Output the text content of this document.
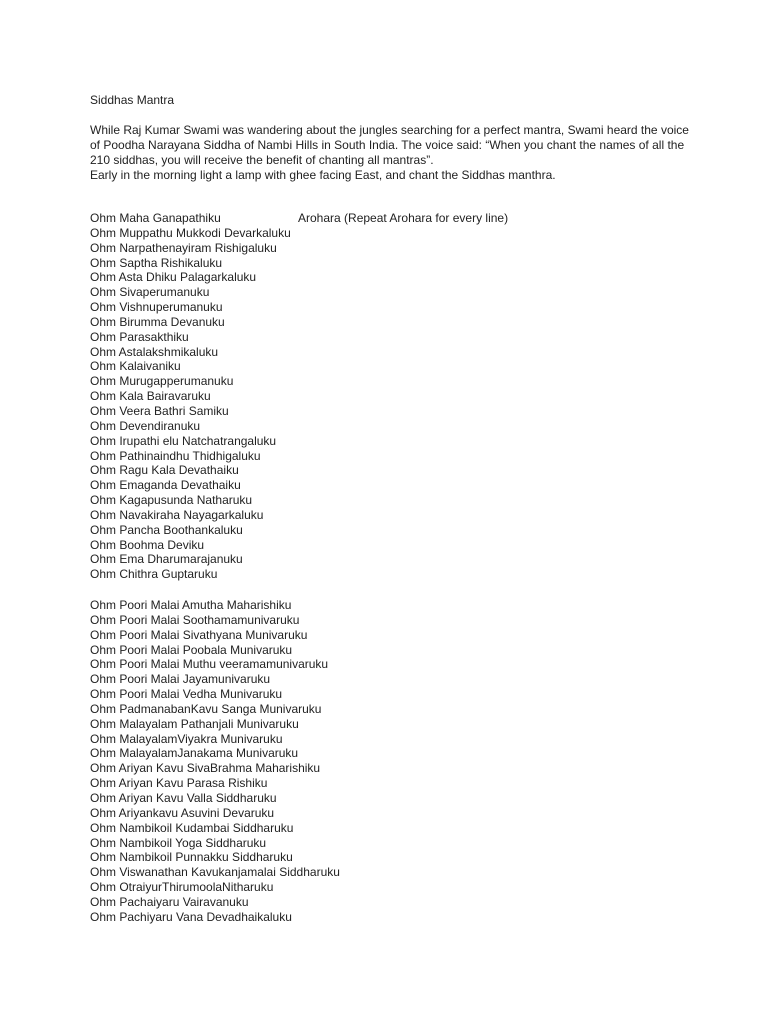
Siddhas Mantra

While Raj Kumar Swami was wandering about the jungles searching for a perfect mantra, Swami heard the voice of Poodha Narayana Siddha of Nambi Hills in South India. The voice said: “When you chant the names of all the 210 siddhas, you will receive the benefit of chanting all mantras”.

Early in the morning light a lamp with ghee facing East, and chant the Siddhas manthra.

Ohm Maha Ganapathiku	Arohara (Repeat Arohara for every line)
Ohm Muppathu Mukkodi Devarkaluku
Ohm Narpathenayiram Rishigaluku
Ohm Saptha Rishikaluku
Ohm Asta Dhiku Palagarkaluku
Ohm Sivaperumanuku
Ohm Vishnuperumanuku
Ohm Birumma Devanuku
Ohm Parasakthiku
Ohm Astalakshmikaluku
Ohm Kalaivaniku
Ohm Murugapperumanuku
Ohm Kala Bairavaruku
Ohm Veera Bathri Samiku
Ohm Devendiranuku
Ohm Irupathi elu Natchatrangaluku
Ohm Pathinaindhu Thidhigaluku
Ohm Ragu Kala Devathaiku
Ohm Emaganda Devathaiku
Ohm Kagapusunda Natharuku
Ohm Navakiraha Nayagarkaluku
Ohm Pancha Boothankaluku
Ohm Boohma Deviku
Ohm Ema Dharumarajanuku
Ohm Chithra Guptaruku
Ohm Poori Malai Amutha Maharishiku
Ohm Poori Malai Soothamamunivaruku
Ohm Poori Malai Sivathyana Munivaruku
Ohm Poori Malai Poobala Munivaruku
Ohm Poori Malai Muthu veeramamunivaruku
Ohm Poori Malai Jayamunivaruku
Ohm Poori Malai Vedha Munivaruku
Ohm PadmanabanKavu Sanga Munivaruku
Ohm Malayalam Pathanjali Munivaruku
Ohm MalayalamViyakra Munivaruku
Ohm MalayalamJanakama Munivaruku
Ohm Ariyan Kavu SivaBrahma Maharishiku
Ohm Ariyan Kavu Parasa Rishiku
Ohm Ariyan Kavu Valla Siddharuku
Ohm Ariyankavu Asuvini Devaruku
Ohm Nambikoil Kudambai Siddharuku
Ohm Nambikoil Yoga Siddharuku
Ohm Nambikoil Punnakku Siddharuku
Ohm Viswanathan Kavukanjamalai Siddharuku
Ohm OtraiyurThirumoolaNitharuku
Ohm Pachaiyaru Vairavanuku
Ohm Pachiyaru Vana Devadhaikaluku
